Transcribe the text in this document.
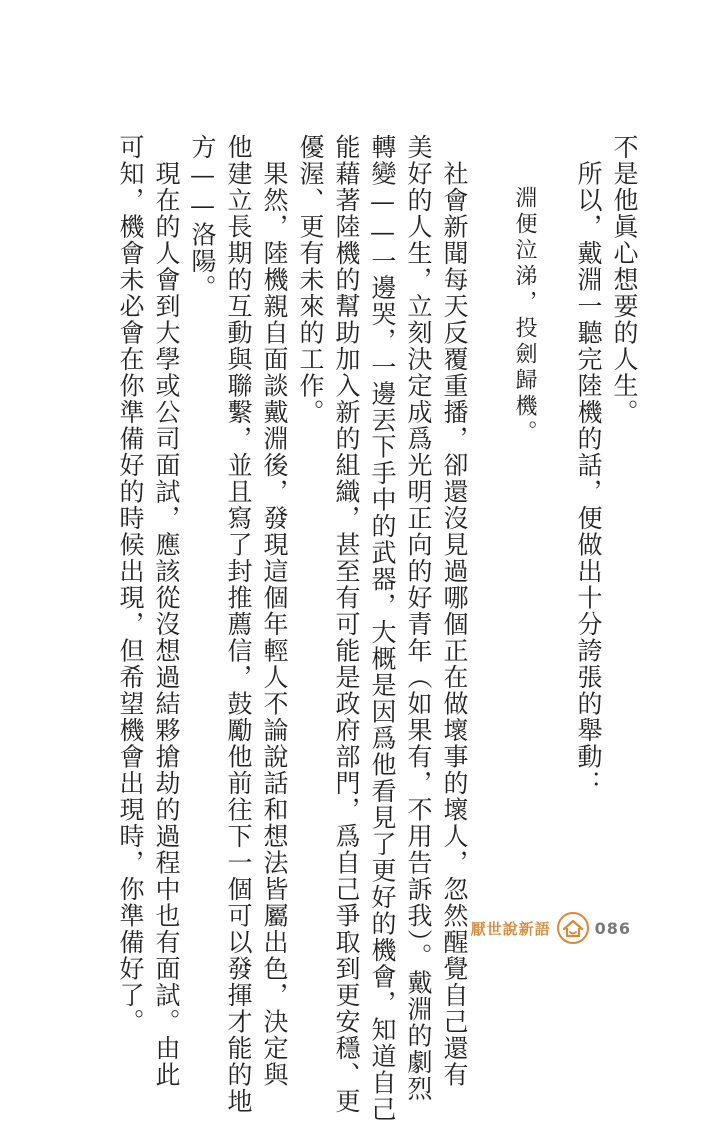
不是他眞心想要的人生。
　所以，戴淵一聽完陸機的話，便做出十分誇張的舉動：
淵便泣涕，投劍歸機。
　社會新聞每天反覆重播，卻還沒見過哪個正在做壞事的壞人，忽然醒覺自己還有
美好的人生，立刻決定成爲光明正向的好青年（如果有，不用告訴我）。戴淵的劇烈
轉變——一邊哭，一邊丟下手中的武器，大概是因爲他看見了更好的機會，知道自己
能藉著陸機的幫助加入新的組織，甚至有可能是政府部門，爲自己爭取到更安穩、更
優渥、更有未來的工作。
　果然，陸機親自面談戴淵後，發現這個年輕人不論說話和想法皆屬出色，決定與
他建立長期的互動與聯繫，並且寫了封推薦信，鼓勵他前往下一個可以發揮才能的地
方——洛陽。
　現在的人會到大學或公司面試，應該從沒想過結夥搶劫的過程中也有面試。由此
可知，機會未必會在你準備好的時候出現，但希望機會出現時，你準備好了。	厭世說新語	086
